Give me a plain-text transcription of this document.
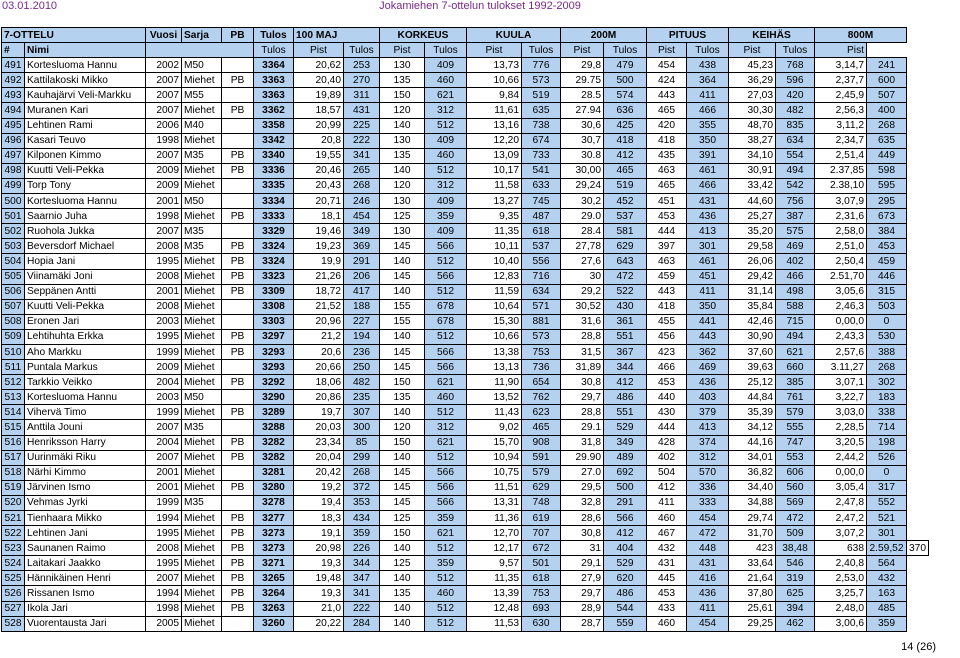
03.01.2010	Jokamiehen 7-ottelun tulokset 1992-2009
7-OTTELU		Vuosi	Sarja	PB	Tulos	100 MAJ		KORKEUS		KUULA		200M		PITUUS		KEIHÄS		800M		
#	Nimi				Tulos	Pist	Tulos	Pist	Tulos	Pist	Tulos	Pist	Tulos	Pist	Tulos	Pist	Tulos	Pist		
491	Kortesluoma Hannu	2002	M50		3364	20,62	253	130	409	13,73	776	29,8	479	454	438	45,23	768	3,14,7	241	
492	Kattilakoski Mikko	2007	Miehet	PB	3363	20,40	270	135	460	10,66	573	29.75	500	424	364	36,29	596	2,37,7	600	
493	Kauhajärvi Veli-Markku	2007	M55		3363	19,89	311	150	621	9,84	519	28.5	574	443	411	27,03	420	2,45,9	507	
494	Muranen Kari	2007	Miehet	PB	3362	18,57	431	120	312	11,61	635	27.94	636	465	466	30,30	482	2,56,3	400	
495	Lehtinen Rami	2006	M40		3358	20,99	225	140	512	13,16	738	30,6	425	420	355	48,70	835	3,11,2	268	
496	Kasari Teuvo	1998	Miehet		3342	20,8	222	130	409	12,20	674	30,7	418	418	350	38,27	634	2,34,7	635	
497	Kilponen Kimmo	2007	M35	PB	3340	19,55	341	135	460	13,09	733	30.8	412	435	391	34,10	554	2,51,4	449	
498	Kuutti Veli-Pekka	2009	Miehet	PB	3336	20,46	265	140	512	10,17	541	30,00	465	463	461	30,91	494	2.37,85	598	
499	Torp Tony	2009	Miehet		3335	20,43	268	120	312	11,58	633	29,24	519	465	466	33,42	542	2.38,10	595	
500	Kortesluoma Hannu	2001	M50		3334	20,71	246	130	409	13,27	745	30,2	452	451	431	44,60	756	3,07,9	295	
501	Saarnio Juha	1998	Miehet	PB	3333	18,1	454	125	359	9,35	487	29.0	537	453	436	25,27	387	2,31,6	673	
502	Ruohola Jukka	2007	M35		3329	19,46	349	130	409	11,35	618	28.4	581	444	413	35,20	575	2,58,0	384	
503	Beversdorf Michael	2008	M35	PB	3324	19,23	369	145	566	10,11	537	27,78	629	397	301	29,58	469	2,51,0	453	
504	Hopia Jani	1995	Miehet	PB	3324	19,9	291	140	512	10,40	556	27,6	643	463	461	26,06	402	2,50,4	459	
505	Viinamäki Joni	2008	Miehet	PB	3323	21,26	206	145	566	12,83	716	30	472	459	451	29,42	466	2.51,70	446	
506	Seppänen Antti	2001	Miehet	PB	3309	18,72	417	140	512	11,59	634	29,2	522	443	411	31,14	498	3,05,6	315	
507	Kuutti Veli-Pekka	2008	Miehet		3308	21,52	188	155	678	10,64	571	30,52	430	418	350	35,84	588	2,46,3	503	
508	Eronen Jari	2003	Miehet		3303	20,96	227	155	678	15,30	881	31,6	361	455	441	42,46	715	0,00,0	0	
509	Lehtihuhta Erkka	1995	Miehet	PB	3297	21,2	194	140	512	10,66	573	28,8	551	456	443	30,90	494	2,43,3	530	
510	Aho Markku	1999	Miehet	PB	3293	20,6	236	145	566	13,38	753	31,5	367	423	362	37,60	621	2,57,6	388	
511	Puntala Markus	2009	Miehet		3293	20,66	250	145	566	13,13	736	31,89	344	466	469	39,63	660	3.11,27	268	
512	Tarkkio Veikko	2004	Miehet	PB	3292	18,06	482	150	621	11,90	654	30,8	412	453	436	25,12	385	3,07,1	302	
513	Kortesluoma Hannu	2003	M50		3290	20,86	235	135	460	13,52	762	29,7	486	440	403	44,84	761	3,22,7	183	
514	Vihervä Timo	1999	Miehet	PB	3289	19,7	307	140	512	11,43	623	28,8	551	430	379	35,39	579	3,03,0	338	
515	Anttila Jouni	2007	M35		3288	20,03	300	120	312	9,02	465	29.1	529	444	413	34,12	555	2,28,5	714	
516	Henriksson Harry	2004	Miehet	PB	3282	23,34	85	150	621	15,70	908	31,8	349	428	374	44,16	747	3,20,5	198	
517	Uurinmäki Riku	2007	Miehet	PB	3282	20,04	299	140	512	10,94	591	29.90	489	402	312	34,01	553	2,44,2	526	
518	Närhi Kimmo	2001	Miehet		3281	20,42	268	145	566	10,75	579	27.0	692	504	570	36,82	606	0,00,0	0	
519	Järvinen Ismo	2001	Miehet	PB	3280	19,2	372	145	566	11,51	629	29,5	500	412	336	34,40	560	3,05,4	317	
520	Vehmas Jyrki	1999	M35		3278	19,4	353	145	566	13,31	748	32,8	291	411	333	34,88	569	2,47,8	552	
521	Tienhaara Mikko	1994	Miehet	PB	3277	18,3	434	125	359	11,36	619	28,6	566	460	454	29,74	472	2,47,2	521	
522	Lehtinen Jani	1995	Miehet	PB	3273	19,1	359	150	621	12,70	707	30,8	412	467	472	31,70	509	3,07,2	301	
523	Saunanen Raimo	2008	Miehet	PB	3273	20,98	226	140	512	12,17	672	31	404	432	448	423	38,48	638	2.59,52	370
524	Laitakari Jaakko	1995	Miehet	PB	3271	19,3	344	125	359	9,57	501	29,1	529	431	431	33,64	546	2,40,8	564	
525	Hännikäinen Henri	2007	Miehet	PB	3265	19,48	347	140	512	11,35	618	27,9	620	445	416	21,64	319	2,53,0	432	
526	Rissanen Ismo	1994	Miehet	PB	3264	19,3	341	135	460	13,39	753	29,7	486	453	436	37,80	625	3,25,7	163	
527	Ikola Jari	1998	Miehet	PB	3263	21,0	222	140	512	12,48	693	28,9	544	433	411	25,61	394	2,48,0	485	
528	Vuorentausta Jari	2005	Miehet		3260	20,22	284	140	512	11,53	630	28,7	559	460	454	29,25	462	3,00,6	359	
14 (26)
